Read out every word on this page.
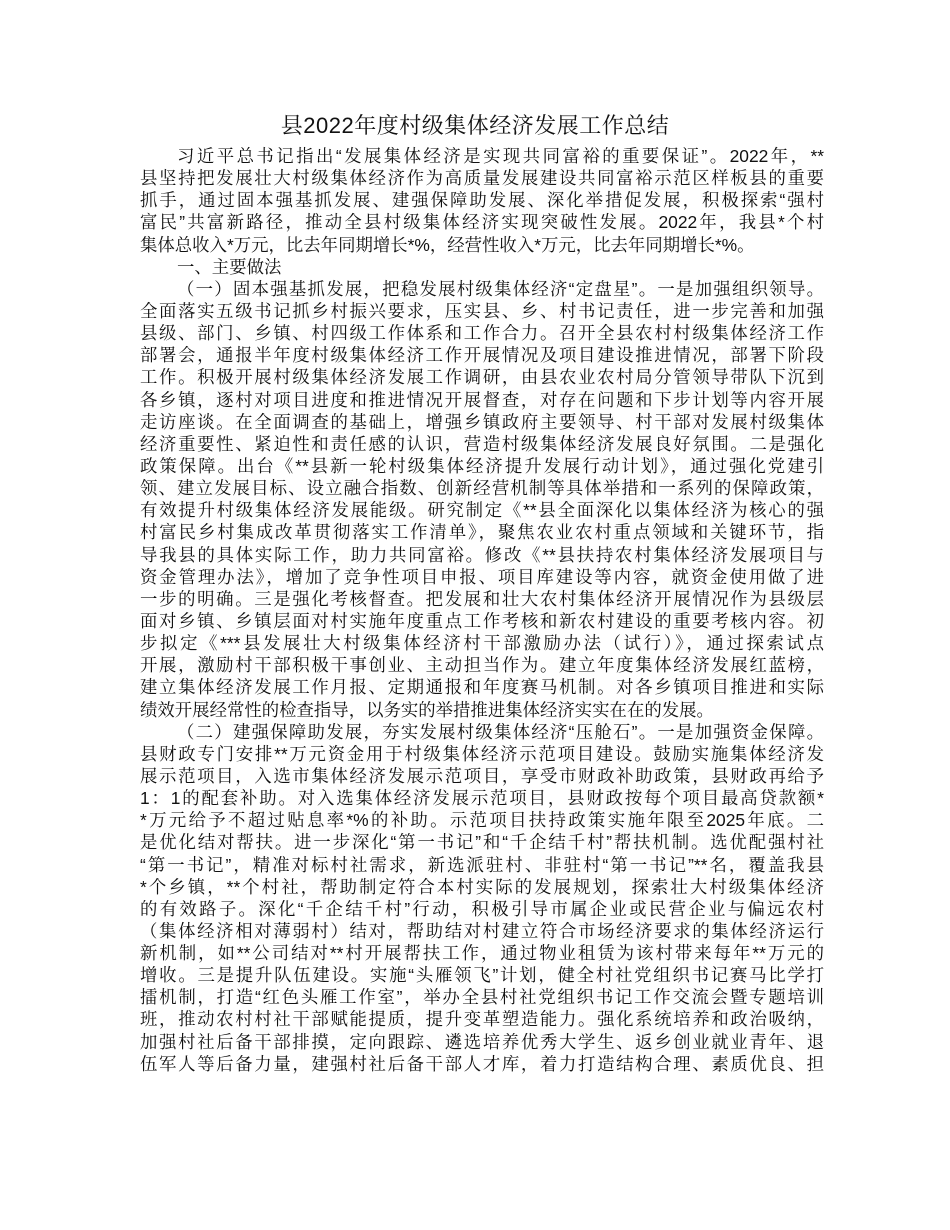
县2022年度村级集体经济发展工作总结
习近平总书记指出“发展集体经济是实现共同富裕的重要保证”。2022年，**
县坚持把发展壮大村级集体经济作为高质量发展建设共同富裕示范区样板县的重要
抓手，通过固本强基抓发展、建强保障助发展、深化举措促发展，积极探索“强村
富民”共富新路径，推动全县村级集体经济实现突破性发展。2022年，我县*个村
集体总收入*万元，比去年同期增长*%，经营性收入*万元，比去年同期增长*%。
一、主要做法
（一）固本强基抓发展，把稳发展村级集体经济“定盘星”。一是加强组织领导。
全面落实五级书记抓乡村振兴要求，压实县、乡、村书记责任，进一步完善和加强
县级、部门、乡镇、村四级工作体系和工作合力。召开全县农村村级集体经济工作
部署会，通报半年度村级集体经济工作开展情况及项目建设推进情况，部署下阶段
工作。积极开展村级集体经济发展工作调研，由县农业农村局分管领导带队下沉到
各乡镇，逐村对项目进度和推进情况开展督查，对存在问题和下步计划等内容开展
走访座谈。在全面调查的基础上，增强乡镇政府主要领导、村干部对发展村级集体
经济重要性、紧迫性和责任感的认识，营造村级集体经济发展良好氛围。二是强化
政策保障。出台《**县新一轮村级集体经济提升发展行动计划》，通过强化党建引
领、建立发展目标、设立融合指数、创新经营机制等具体举措和一系列的保障政策，
有效提升村级集体经济发展能级。研究制定《**县全面深化以集体经济为核心的强
村富民乡村集成改革贯彻落实工作清单》，聚焦农业农村重点领域和关键环节，指
导我县的具体实际工作，助力共同富裕。修改《**县扶持农村集体经济发展项目与
资金管理办法》，增加了竞争性项目申报、项目库建设等内容，就资金使用做了进
一步的明确。三是强化考核督查。把发展和壮大农村集体经济开展情况作为县级层
面对乡镇、乡镇层面对村实施年度重点工作考核和新农村建设的重要考核内容。初
步拟定《***县发展壮大村级集体经济村干部激励办法（试行）》，通过探索试点
开展，激励村干部积极干事创业、主动担当作为。建立年度集体经济发展红蓝榜，
建立集体经济发展工作月报、定期通报和年度赛马机制。对各乡镇项目推进和实际
绩效开展经常性的检查指导，以务实的举措推进集体经济实实在在的发展。
（二）建强保障助发展，夯实发展村级集体经济“压舱石”。一是加强资金保障。
县财政专门安排**万元资金用于村级集体经济示范项目建设。鼓励实施集体经济发
展示范项目，入选市集体经济发展示范项目，享受市财政补助政策，县财政再给予
1：1的配套补助。对入选集体经济发展示范项目，县财政按每个项目最高贷款额*
*万元给予不超过贴息率*%的补助。示范项目扶持政策实施年限至2025年底。二
是优化结对帮扶。进一步深化“第一书记”和“千企结千村”帮扶机制。选优配强村社
“第一书记”，精准对标村社需求，新选派驻村、非驻村“第一书记”**名，覆盖我县
*个乡镇，**个村社，帮助制定符合本村实际的发展规划，探索壮大村级集体经济
的有效路子。深化“千企结千村”行动，积极引导市属企业或民营企业与偏远农村
（集体经济相对薄弱村）结对，帮助结对村建立符合市场经济要求的集体经济运行
新机制，如**公司结对**村开展帮扶工作，通过物业租赁为该村带来每年**万元的
增收。三是提升队伍建设。实施“头雁领飞”计划，健全村社党组织书记赛马比学打
擂机制，打造“红色头雁工作室”，举办全县村社党组织书记工作交流会暨专题培训
班，推动农村村社干部赋能提质，提升变革塑造能力。强化系统培养和政治吸纳，
加强村社后备干部排摸，定向跟踪、遴选培养优秀大学生、返乡创业就业青年、退
伍军人等后备力量，建强村社后备干部人才库，着力打造结构合理、素质优良、担
